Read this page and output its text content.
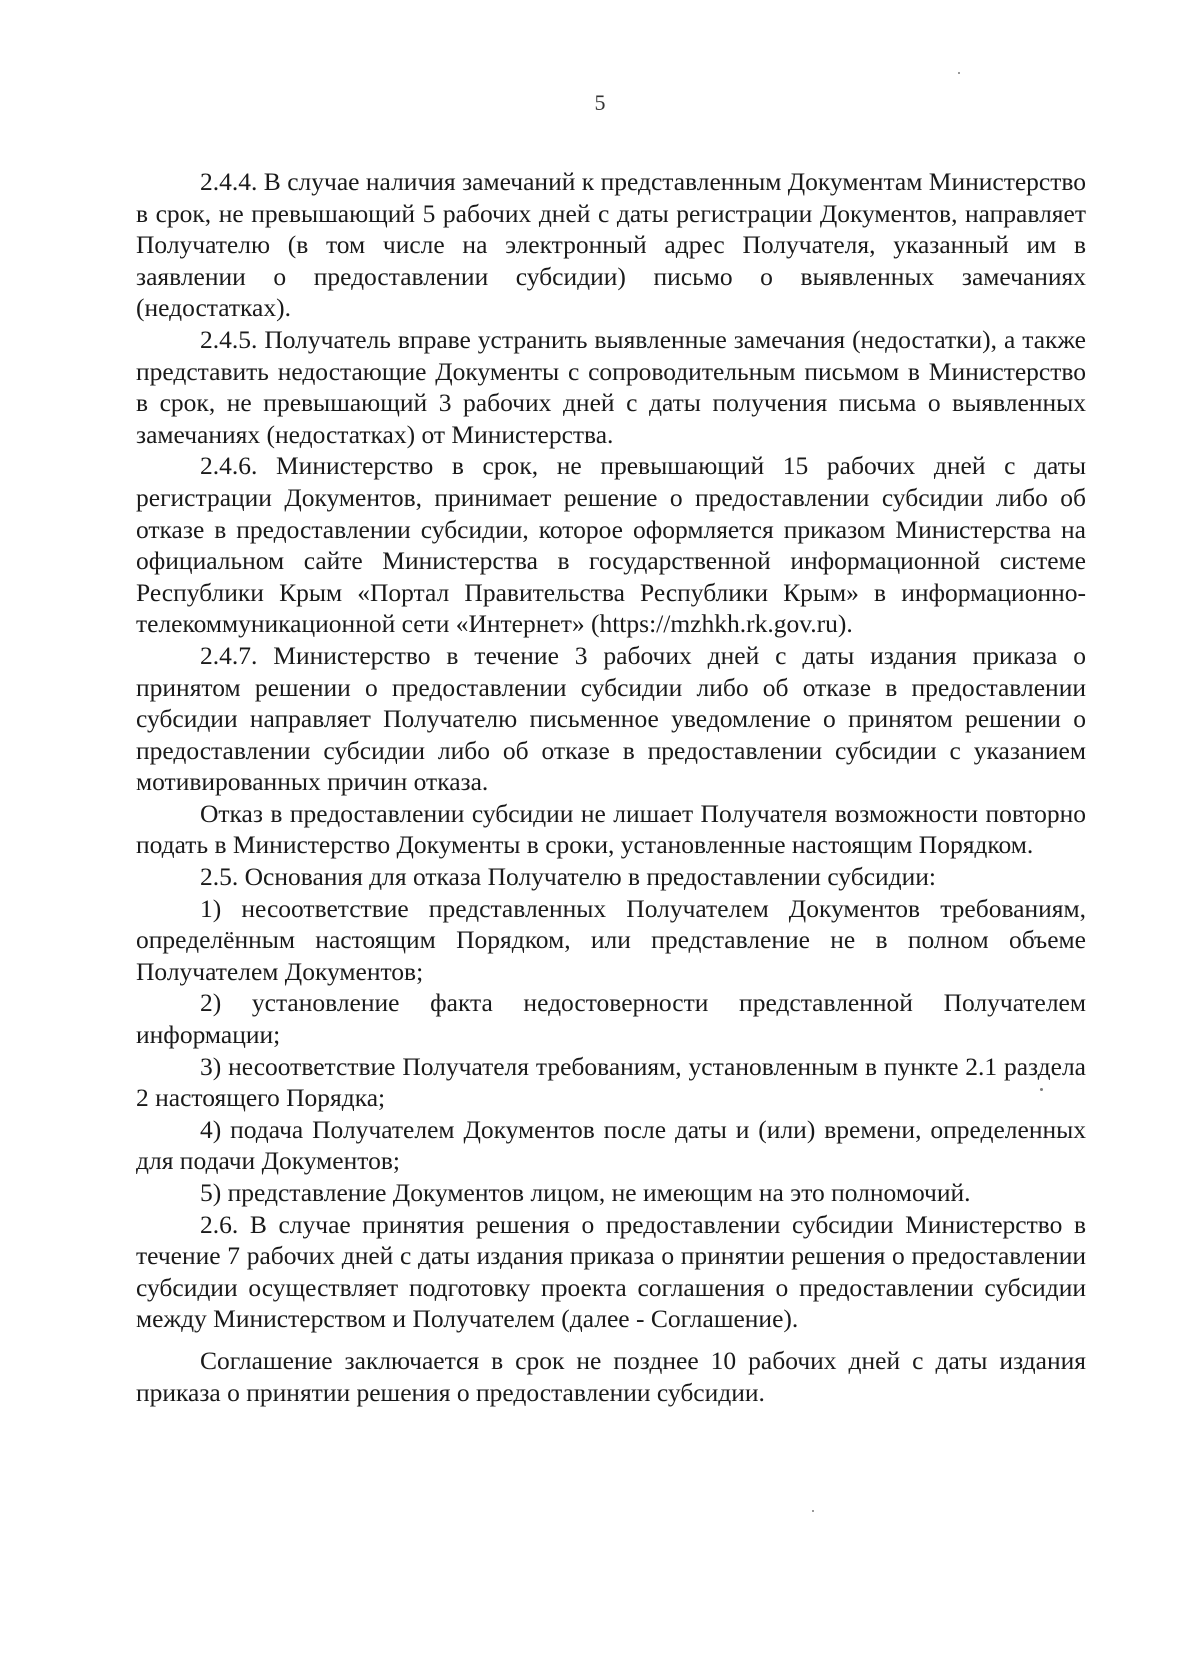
5

2.4.4. В случае наличия замечаний к представленным Документам Министерство в срок, не превышающий 5 рабочих дней с даты регистрации Документов, направляет Получателю (в том числе на электронный адрес Получателя, указанный им в заявлении о предоставлении субсидии) письмо о выявленных замечаниях (недостатках).

2.4.5. Получатель вправе устранить выявленные замечания (недостатки), а также представить недостающие Документы с сопроводительным письмом в Министерство в срок, не превышающий 3 рабочих дней с даты получения письма о выявленных замечаниях (недостатках) от Министерства.

2.4.6. Министерство в срок, не превышающий 15 рабочих дней с даты регистрации Документов, принимает решение о предоставлении субсидии либо об отказе в предоставлении субсидии, которое оформляется приказом Министерства на официальном сайте Министерства в государственной информационной системе Республики Крым «Портал Правительства Республики Крым» в информационно-телекоммуникационной сети «Интернет» (https://mzhkh.rk.gov.ru).

2.4.7. Министерство в течение 3 рабочих дней с даты издания приказа о принятом решении о предоставлении субсидии либо об отказе в предоставлении субсидии направляет Получателю письменное уведомление о принятом решении о предоставлении субсидии либо об отказе в предоставлении субсидии с указанием мотивированных причин отказа.

Отказ в предоставлении субсидии не лишает Получателя возможности повторно подать в Министерство Документы в сроки, установленные настоящим Порядком.

2.5. Основания для отказа Получателю в предоставлении субсидии:

1) несоответствие представленных Получателем Документов требованиям, определённым настоящим Порядком, или представление не в полном объеме Получателем Документов;

2) установление факта недостоверности представленной Получателем информации;

3) несоответствие Получателя требованиям, установленным в пункте 2.1 раздела 2 настоящего Порядка;

4) подача Получателем Документов после даты и (или) времени, определенных для подачи Документов;

5) представление Документов лицом, не имеющим на это полномочий.

2.6. В случае принятия решения о предоставлении субсидии Министерство в течение 7 рабочих дней с даты издания приказа о принятии решения о предоставлении субсидии осуществляет подготовку проекта соглашения о предоставлении субсидии между Министерством и Получателем (далее - Соглашение).

Соглашение заключается в срок не позднее 10 рабочих дней с даты издания приказа о принятии решения о предоставлении субсидии.
